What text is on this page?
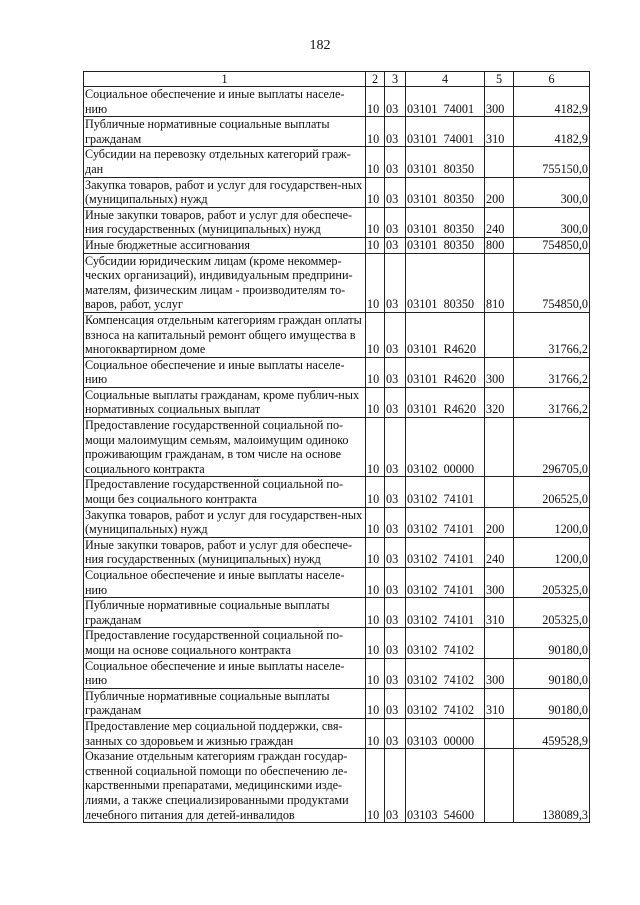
182
1	2	3	4	5	6
Социальное обеспечение и иные выплаты населе-нию	10	03	03101  74001	300	4182,9
Публичные нормативные социальные выплаты гражданам	10	03	03101  74001	310	4182,9
Субсидии на перевозку отдельных категорий граж-дан	10	03	03101  80350		755150,0
Закупка товаров, работ и услуг для государствен-ных (муниципальных) нужд	10	03	03101  80350	200	300,0
Иные закупки товаров, работ и услуг для обеспече-ния государственных (муниципальных) нужд	10	03	03101  80350	240	300,0
Иные бюджетные ассигнования	10	03	03101  80350	800	754850,0
Субсидии юридическим лицам (кроме некоммер-ческих организаций), индивидуальным предприни-мателям, физическим лицам - производителям то-варов, работ, услуг	10	03	03101  80350	810	754850,0
Компенсация отдельным категориям граждан оплаты взноса на капитальный ремонт общего имущества в многоквартирном доме	10	03	03101  R4620		31766,2
Социальное обеспечение и иные выплаты населе-нию	10	03	03101  R4620	300	31766,2
Социальные выплаты гражданам, кроме публич-ных нормативных социальных выплат	10	03	03101  R4620	320	31766,2
Предоставление государственной социальной по-мощи малоимущим семьям, малоимущим одиноко проживающим гражданам, в том числе на основе социального контракта	10	03	03102  00000		296705,0
Предоставление государственной социальной по-мощи без социального контракта	10	03	03102  74101		206525,0
Закупка товаров, работ и услуг для государствен-ных (муниципальных) нужд	10	03	03102  74101	200	1200,0
Иные закупки товаров, работ и услуг для обеспече-ния государственных (муниципальных) нужд	10	03	03102  74101	240	1200,0
Социальное обеспечение и иные выплаты населе-нию	10	03	03102  74101	300	205325,0
Публичные нормативные социальные выплаты гражданам	10	03	03102  74101	310	205325,0
Предоставление государственной социальной по-мощи на основе социального контракта	10	03	03102  74102		90180,0
Социальное обеспечение и иные выплаты населе-нию	10	03	03102  74102	300	90180,0
Публичные нормативные социальные выплаты гражданам	10	03	03102  74102	310	90180,0
Предоставление мер социальной поддержки, свя-занных со здоровьем и жизнью граждан	10	03	03103  00000		459528,9
Оказание отдельным категориям граждан государ-ственной социальной помощи по обеспечению ле-карственными препаратами, медицинскими изде-лиями, а также специализированными продуктами лечебного питания для детей-инвалидов	10	03	03103  54600		138089,3
